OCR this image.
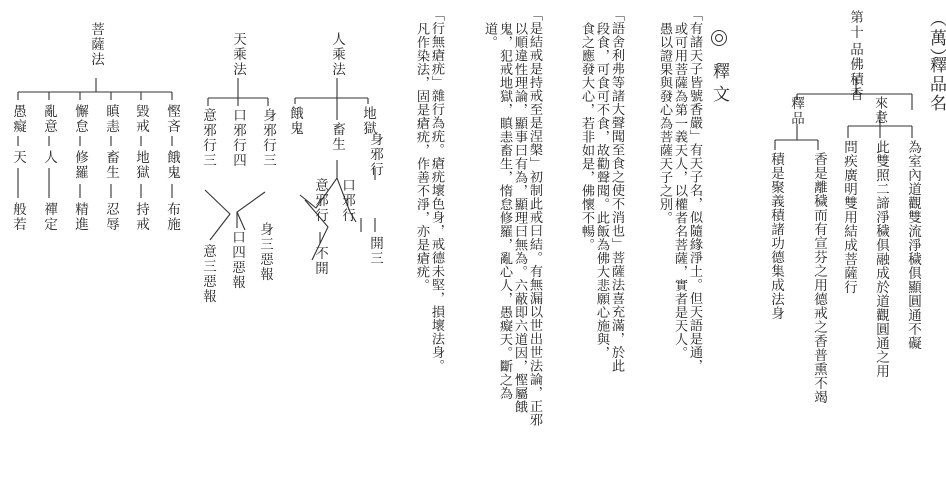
（萬）
釋品名
第十
品佛積香
來意
釋品
為室內道觀雙流淨穢俱顯圓通不礙
此雙照二諦淨穢俱融成於道觀圓通之用
問疾廣明雙用結成菩薩行
香是離穢而有宣芬之用德戒之香普熏不竭
積是聚義積諸功德集成法身
釋文
「有諸天子皆號香嚴」有天子名，似隨緣淨土。但天語是通，
或可用菩薩為第一義天人，以權者名菩薩，實者是天人。
愚以證果與發心為菩薩天子之別。
「語舍利弗等諸大聲聞至食之使不消也」菩薩法喜充滿，於此
段食，可食可不食，故勸聲聞。此飯為佛大悲願心施與，
食之應發大心，若非如是，佛懷不暢。
「是結戒是持戒至是涅槃」初制此戒曰結。有無漏以世出世法論，正邪
以順違性理論，顯事曰有為，顯理曰無為。六蔽即六道因，慳屬餓
鬼，犯戒地獄，瞋恚畜生，惰怠修羅，亂心人，愚癡天。斷之為
道。
「行無瘡疣」雜行為疣。瘡疣壞色身，戒德未堅，損壞法身。
凡作染法，固是瘡疣，作善不淨，亦是瘡疣。
人乘法
地獄
畜生
餓鬼
身邪行
開三
口邪行
意邪行
不開
天乘法
身邪行三
口邪行四
意邪行三
身三惡報
口四惡報
意三惡報
菩薩法
慳吝
餓鬼
布施
毀戒
地獄
持戒
瞋恚
畜生
忍辱
懈怠
修羅
精進
亂意
人
禪定
愚癡
天
般若
